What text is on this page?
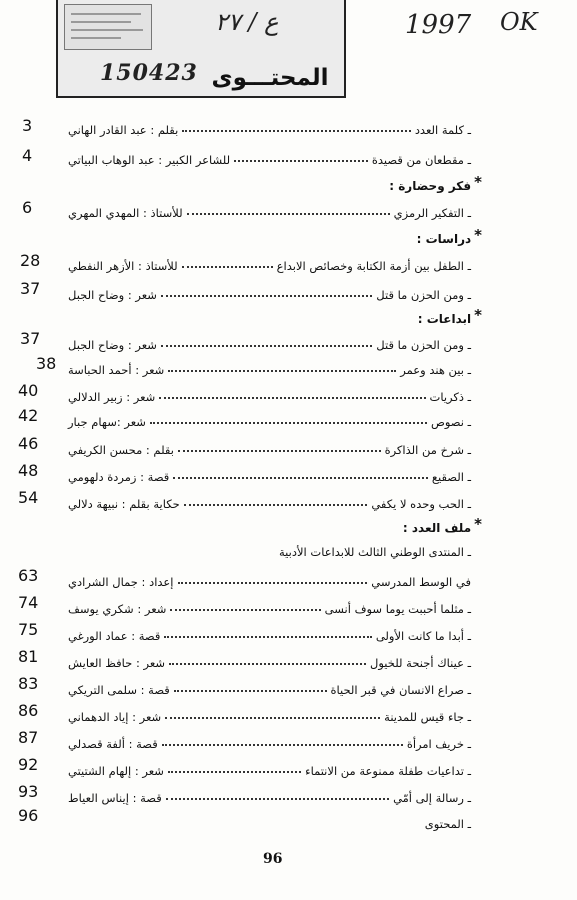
ع / ٢٧	1997 OK
150423 المحتـــوى
ـ كلمة العدد
بقلم : عبد القادر الهاني
3
ـ مقطعان من قصيدة
للشاعر الكبير : عبد الوهاب البياتي
4
*فكر وحضارة :
ـ التفكير الرمزي
للأستاذ : المهدي المهري
6
*دراسات :
ـ الطفل بين أزمة الكتابة وخصائص الابداع
للأستاذ : الأزهر النفطي
28
ـ ومن الحزن ما قتل
شعر : وضاح الجبل
37
*ابداعات :
ـ ومن الحزن ما قتل
شعر : وضاح الجبل
37
ـ بين هند وعمر
شعر : أحمد الحباسة
38
ـ ذكريات
شعر : زبير الدلالي
40
ـ نصوص
شعر :سهام جبار
42
ـ شرخ من الذاكرة
بقلم : محسن الكريفي
46
ـ الصقيع
قصة : زمردة دلهومي
48
ـ الحب وحده لا يكفي
حكاية بقلم : نبيهة دلالي
54
*ملف العدد :
ـ المنتدى الوطني الثالث للابداعات الأدبية
في الوسط المدرسي
إعداد : جمال الشرادي
63
ـ مثلما أحببت يوما سوف أنسى
شعر : شكري يوسف
74
ـ أبدا ما كانت الأولى
قصة : عماد الورغي
75
ـ عيناك أجنحة للخيول
شعر : حافظ العايش
81
ـ صراع الانسان في قبر الحياة
قصة : سلمى التريكي
83
ـ جاء قيس للمدينة
شعر : إياد الدهماني
86
ـ خريف امرأة
قصة : ألفة قصدلي
87
ـ تداعيات طفلة ممنوعة من الانتماء
شعر : إلهام الشتيتي
92
ـ رسالة إلى أمّي
قصة : إيناس العياط
93
ـ المحتوى
96
96
